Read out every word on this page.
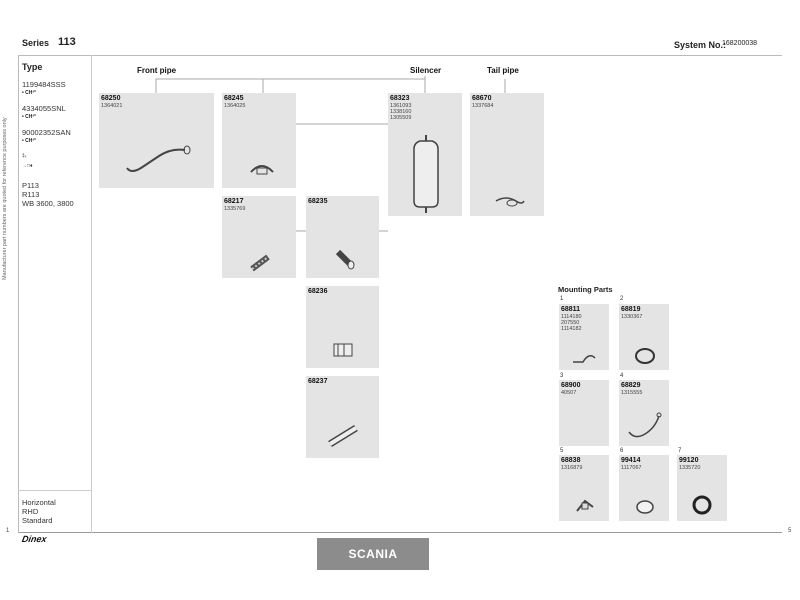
Series 113	System No.:
168200038
Manufacturer part numbers are quoted for reference purposes only
Type
1199484SSS
• CH³°
4334055SNL
• CH³°
90002352SAN
• CH³°
‡ₓ
→□♦
P113
R113
WB 3600, 3800
Horizontal
RHD
Standard
Front pipe	Silencer	Tail pipe
68250
1364021
68245
1364025
68323
1361093
1338160
1305509
68670
1337684
68217
1335769
68235
68236
68237
Mounting Parts
1
68811
1114180
207550
1114182
2
68819
1330367
3
68900
40507
4
68829
1315555
5
68838
1316879
6
99414
1117067
7
99120
1335720
Dinex
SCANIA
1	5
